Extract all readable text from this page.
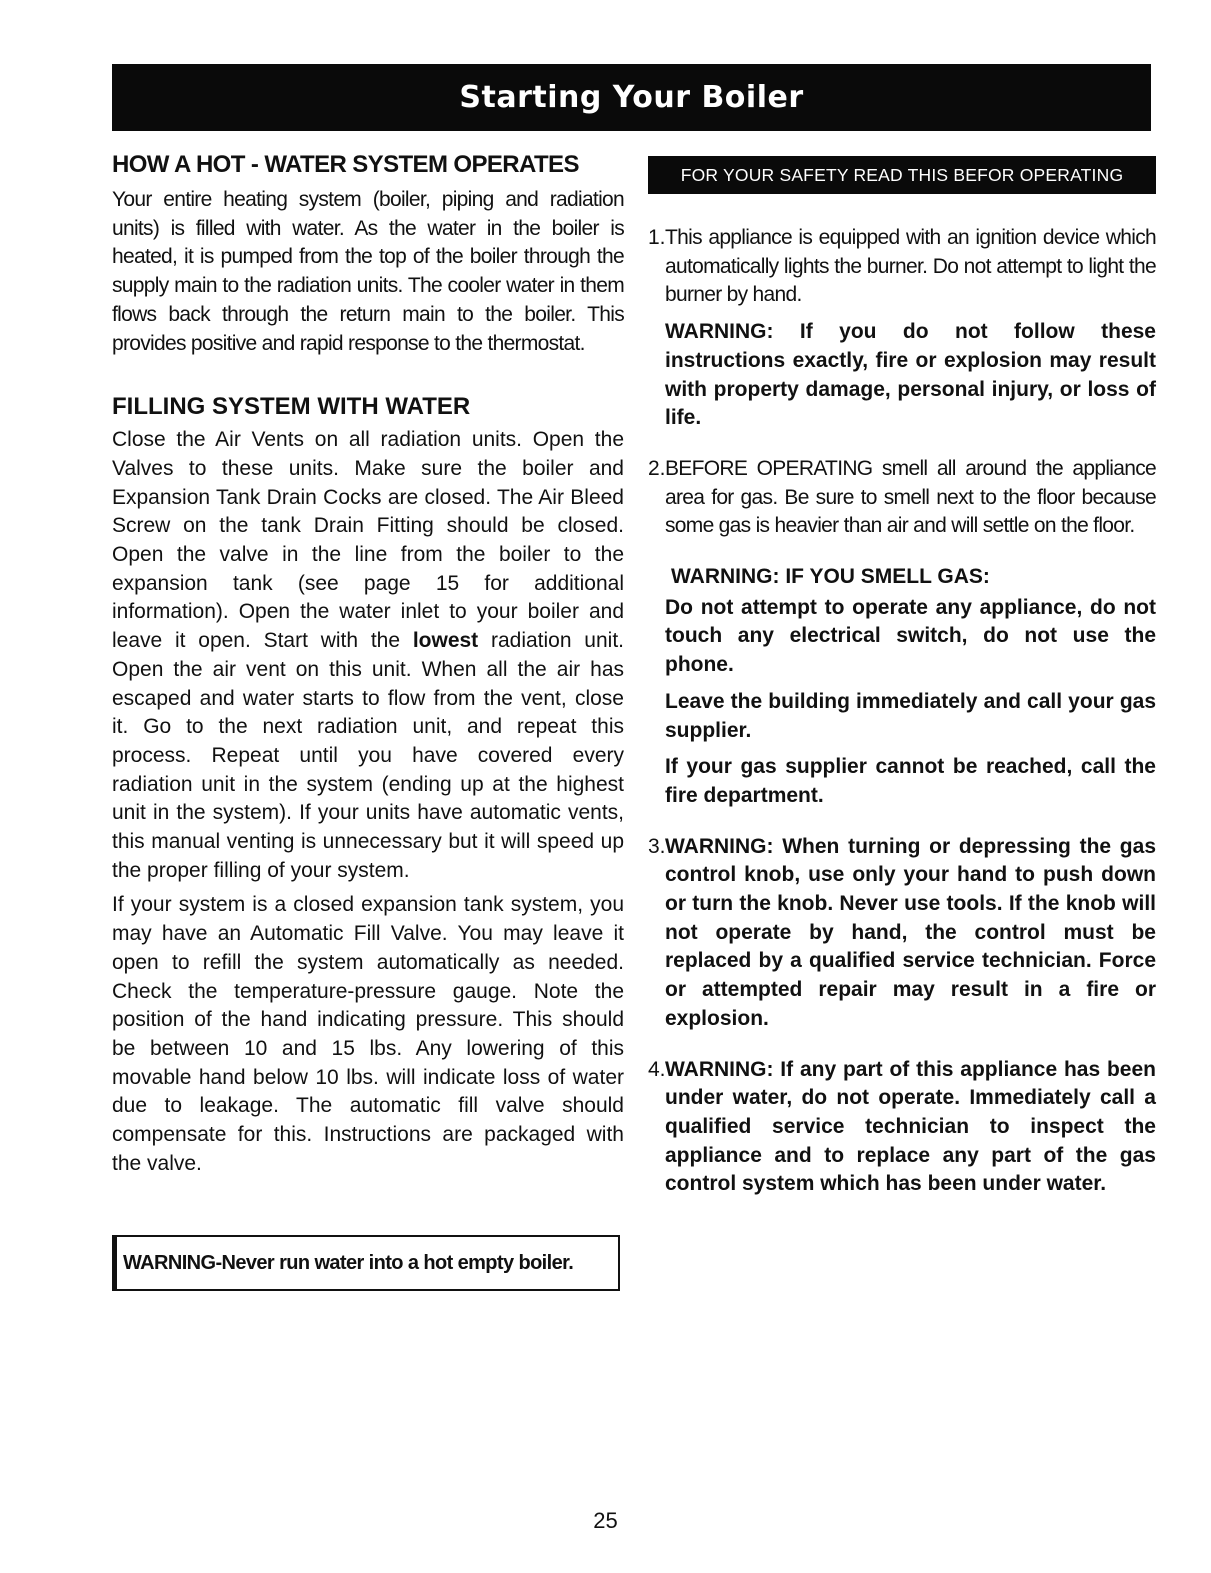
Starting Your Boiler
HOW A HOT - WATER SYSTEM OPERATES

Your entire heating system (boiler, piping and radiation units) is filled with water. As the water in the boiler is heated, it is pumped from the top of the boiler through the supply main to the radiation units. The cooler water in them flows back through the return main to the boiler. This provides positive and rapid response to the thermostat.

FILLING SYSTEM WITH WATER

Close the Air Vents on all radiation units. Open the Valves to these units. Make sure the boiler and Expansion Tank Drain Cocks are closed. The Air Bleed Screw on the tank Drain Fitting should be closed. Open the valve in the line from the boiler to the expansion tank (see page 15 for additional information). Open the water inlet to your boiler and leave it open. Start with the lowest radiation unit. Open the air vent on this unit. When all the air has escaped and water starts to flow from the vent, close it. Go to the next radiation unit, and repeat this process. Repeat until you have covered every radiation unit in the system (ending up at the highest unit in the system). If your units have automatic vents, this manual venting is unnecessary but it will speed up the proper filling of your system.

If your system is a closed expansion tank system, you may have an Automatic Fill Valve. You may leave it open to refill the system automatically as needed. Check the temperature-pressure gauge. Note the position of the hand indicating pressure. This should be between 10 and 15 lbs. Any lowering of this movable hand below 10 lbs. will indicate loss of water due to leakage. The automatic fill valve should compensate for this. Instructions are packaged with the valve.

WARNING-Never run water into a hot empty boiler.
FOR YOUR SAFETY READ THIS BEFOR OPERATING
1. This appliance is equipped with an ignition device which automatically lights the burner. Do not attempt to light the burner by hand.

WARNING: If you do not follow these instructions exactly, fire or explosion may result with property damage, personal injury, or loss of life.

2. BEFORE OPERATING smell all around the appliance area for gas. Be sure to smell next to the floor because some gas is heavier than air and will settle on the floor.

WARNING: IF YOU SMELL GAS:

Do not attempt to operate any appliance, do not touch any electrical switch, do not use the phone.

Leave the building immediately and call your gas supplier.

If your gas supplier cannot be reached, call the fire department.

3. WARNING: When turning or depressing the gas control knob, use only your hand to push down or turn the knob. Never use tools. If the knob will not operate by hand, the control must be replaced by a qualified service technician. Force or attempted repair may result in a fire or explosion.

4. WARNING: If any part of this appliance has been under water, do not operate. Immediately call a qualified service technician to inspect the appliance and to replace any part of the gas control system which has been under water.

25
